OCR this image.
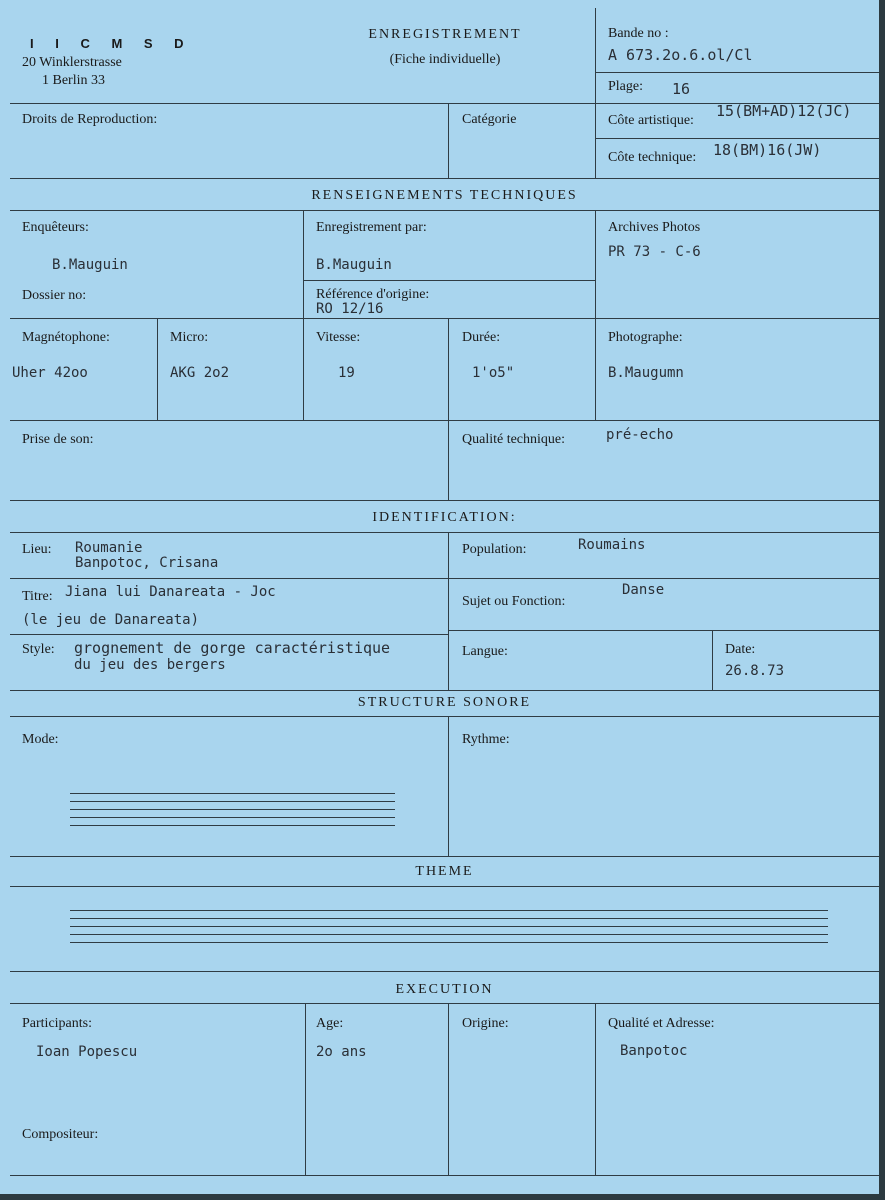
I I C M S D
20 Winklerstrasse
1 Berlin 33
ENREGISTREMENT
(Fiche individuelle)
Bande no :
A 673.2o.6.ol/Cl
Plage: 16
Droits de Reproduction:	Catégorie	Côte artistique:
15(BM+AD)12(JC)
Côte technique: 18(BM)16(JW)
RENSEIGNEMENTS TECHNIQUES
Enquêteurs:
B.Mauguin
Enregistrement par:
B.Mauguin
Archives Photos
PR 73 - C-6
Dossier no:	Référence d'origine:
RO 12/16
Magnétophone:
Uher 42oo
Micro:
AKG 2o2
Vitesse:
19
Durée:
1'o5"
Photographe:
B.Maugumn
Prise de son:	Qualité technique:	pré-echo
IDENTIFICATION:
Lieu: Roumanie
Banpotoc, Crisana
Population:	Roumains
Titre: Jiana lui Danareata - Joc
(le jeu de Danareata)
Sujet ou Fonction:
Danse
Style: grognement de gorge caractéristique
du jeu des bergers
Langue:	Date:
26.8.73
STRUCTURE SONORE
Mode:	Rythme:
THEME
EXECUTION
Participants:
Ioan Popescu
Age:
2o ans
Origine:	Qualité et Adresse:
Banpotoc
Compositeur:
